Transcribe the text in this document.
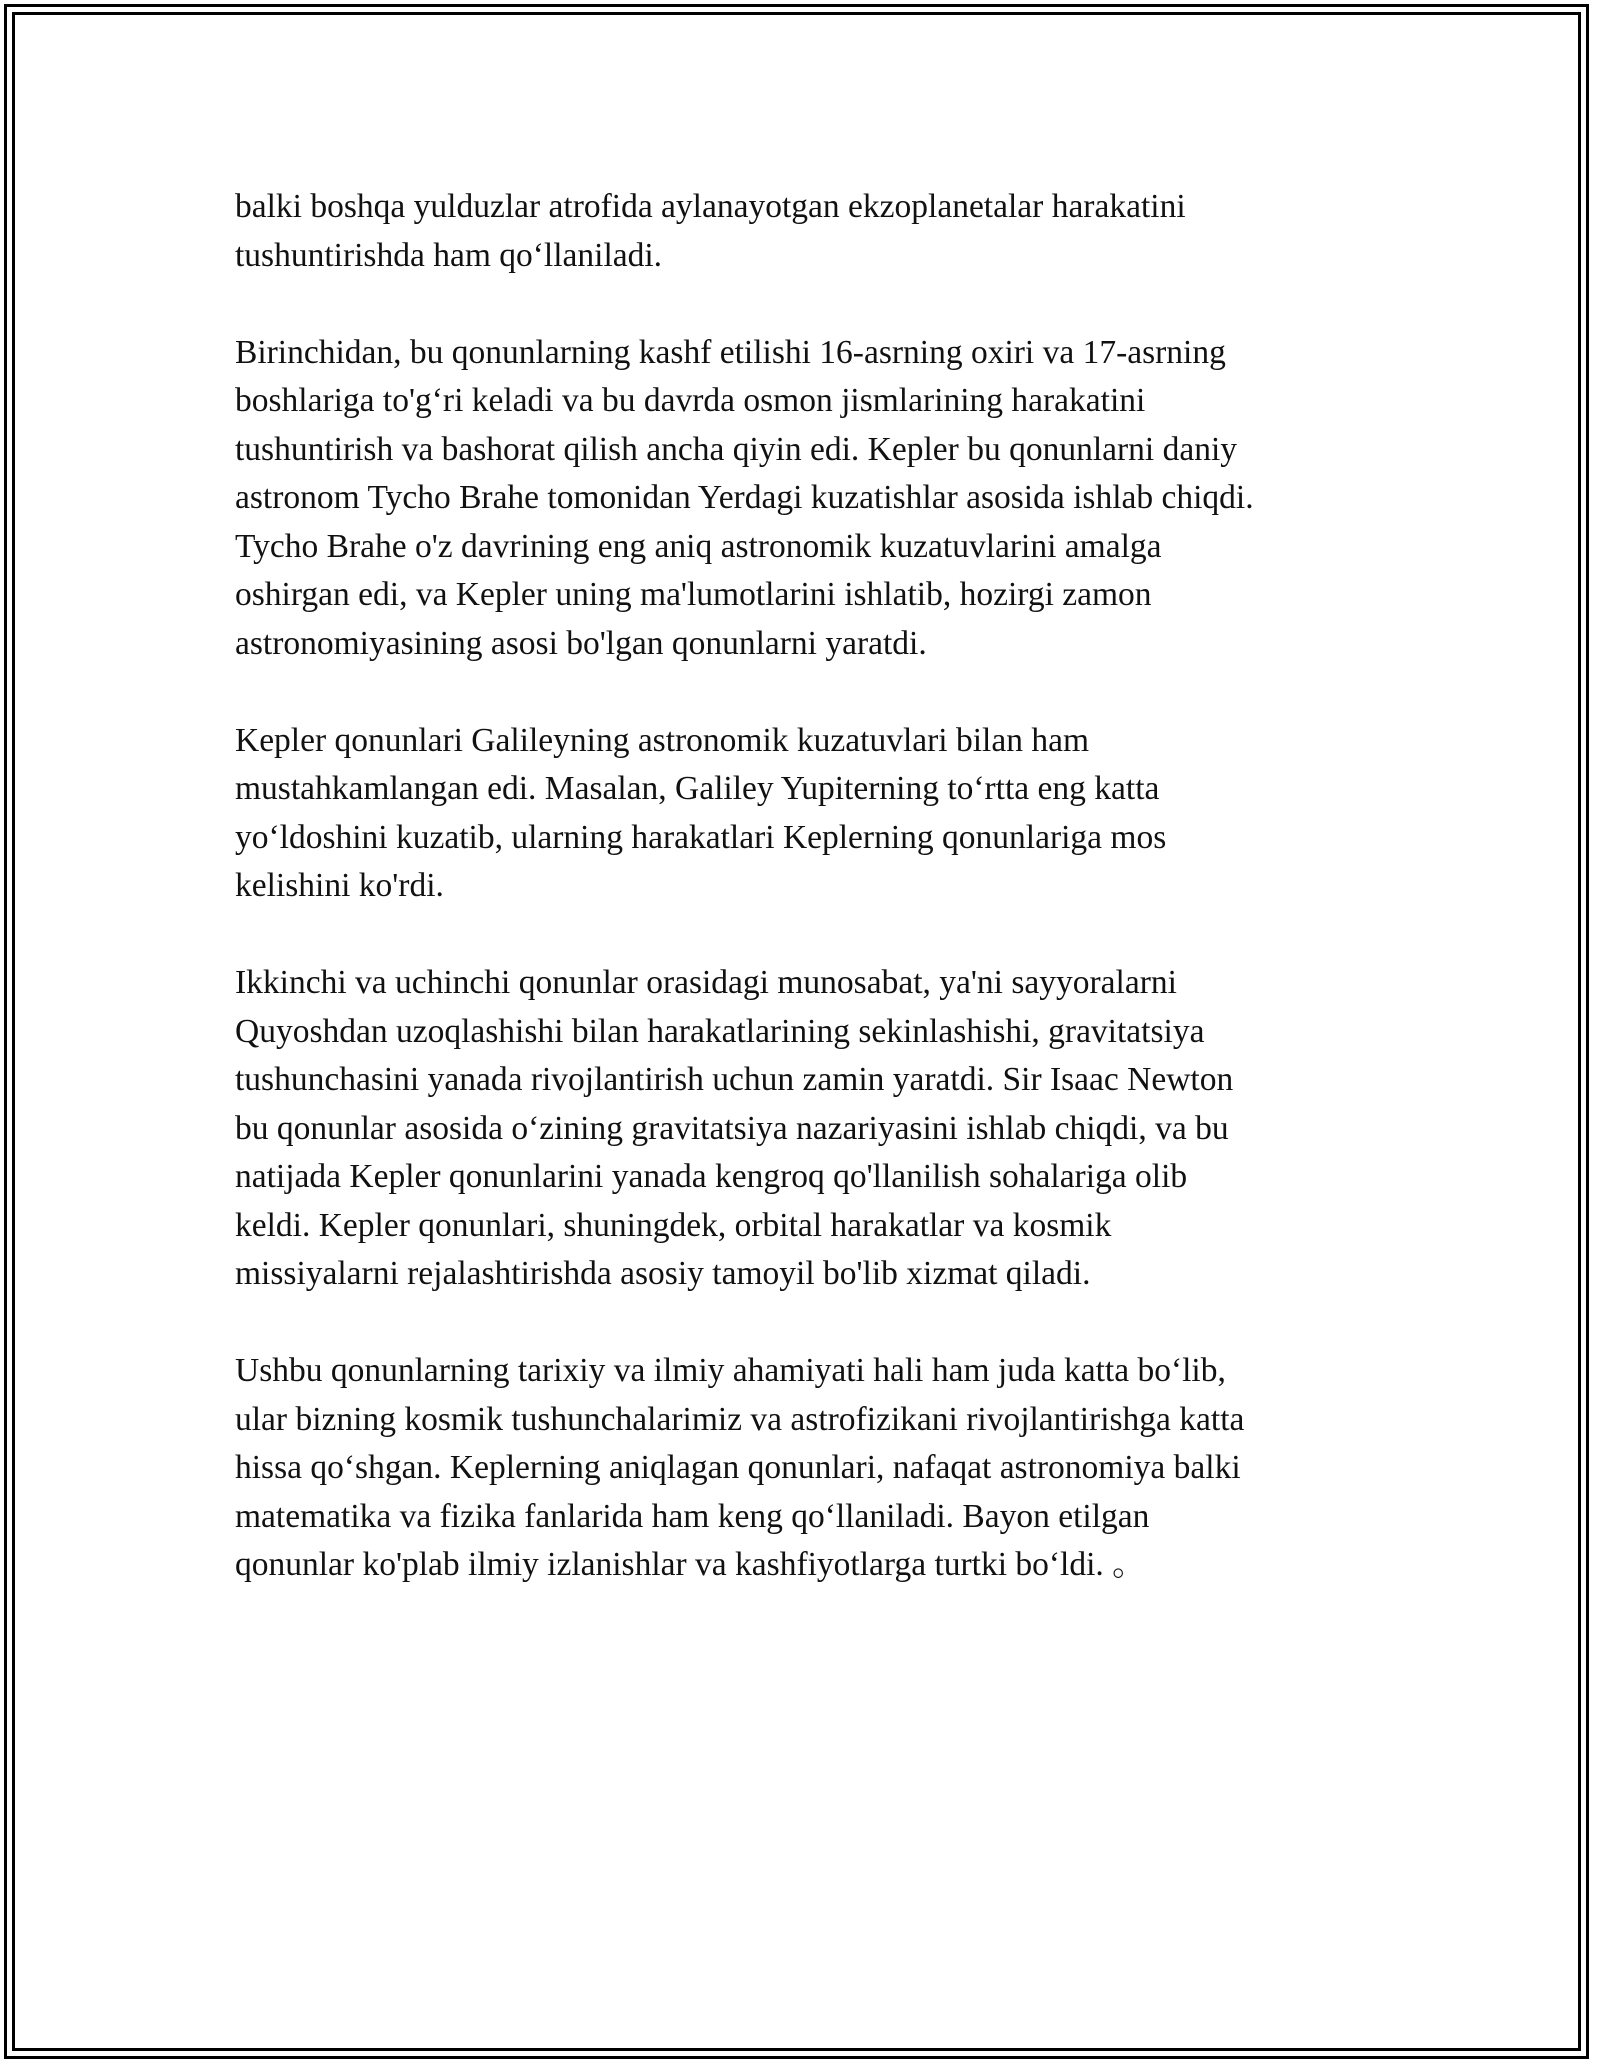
balki boshqa yulduzlar atrofida aylanayotgan ekzoplanetalar harakatini
tushuntirishda ham qo‘llaniladi.

Birinchidan, bu qonunlarning kashf etilishi 16-asrning oxiri va 17-asrning
boshlariga to'g‘ri keladi va bu davrda osmon jismlarining harakatini
tushuntirish va bashorat qilish ancha qiyin edi. Kepler bu qonunlarni daniy
astronom Tycho Brahe tomonidan Yerdagi kuzatishlar asosida ishlab chiqdi.
Tycho Brahe o'z davrining eng aniq astronomik kuzatuvlarini amalga
oshirgan edi, va Kepler uning ma'lumotlarini ishlatib, hozirgi zamon
astronomiyasining asosi bo'lgan qonunlarni yaratdi.

Kepler qonunlari Galileyning astronomik kuzatuvlari bilan ham
mustahkamlangan edi. Masalan, Galiley Yupiterning to‘rtta eng katta
yo‘ldoshini kuzatib, ularning harakatlari Keplerning qonunlariga mos
kelishini ko'rdi.

Ikkinchi va uchinchi qonunlar orasidagi munosabat, ya'ni sayyoralarni
Quyoshdan uzoqlashishi bilan harakatlarining sekinlashishi, gravitatsiya
tushunchasini yanada rivojlantirish uchun zamin yaratdi. Sir Isaac Newton
bu qonunlar asosida o‘zining gravitatsiya nazariyasini ishlab chiqdi, va bu
natijada Kepler qonunlarini yanada kengroq qo'llanilish sohalariga olib
keldi. Kepler qonunlari, shuningdek, orbital harakatlar va kosmik
missiyalarni rejalashtirishda asosiy tamoyil bo'lib xizmat qiladi.

Ushbu qonunlarning tarixiy va ilmiy ahamiyati hali ham juda katta bo‘lib,
ular bizning kosmik tushunchalarimiz va astrofizikani rivojlantirishga katta
hissa qo‘shgan. Keplerning aniqlagan qonunlari, nafaqat astronomiya balki
matematika va fizika fanlarida ham keng qo‘llaniladi. Bayon etilgan
qonunlar ko'plab ilmiy izlanishlar va kashfiyotlarga turtki bo‘ldi. 。
